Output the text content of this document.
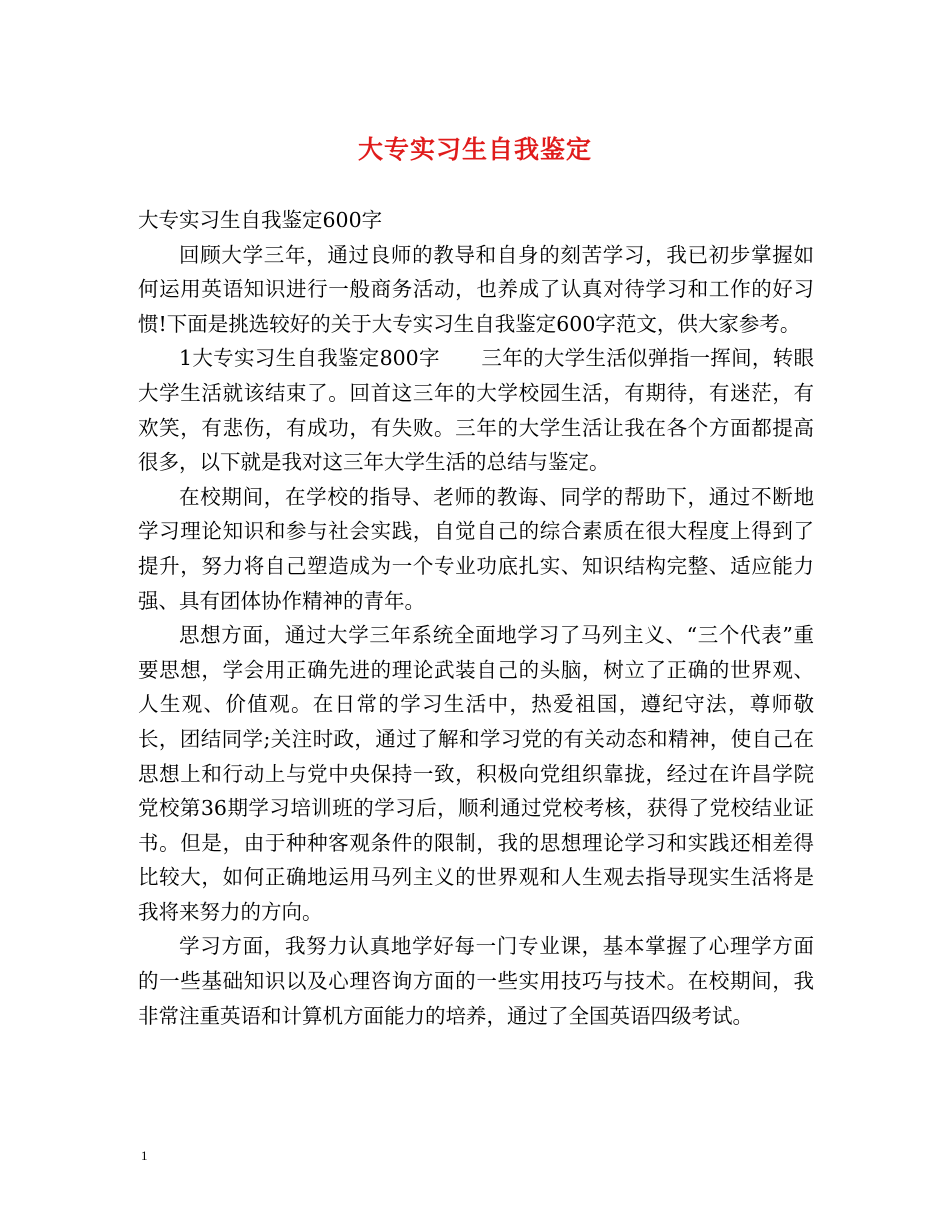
大专实习生自我鉴定

大专实习生自我鉴定600字

回顾大学三年，通过良师的教导和自身的刻苦学习，我已初步掌握如何运用英语知识进行一般商务活动，也养成了认真对待学习和工作的好习惯!下面是挑选较好的关于大专实习生自我鉴定600字范文，供大家参考。

1大专实习生自我鉴定800字　　三年的大学生活似弹指一挥间，转眼大学生活就该结束了。回首这三年的大学校园生活，有期待，有迷茫，有欢笑，有悲伤，有成功，有失败。三年的大学生活让我在各个方面都提高很多，以下就是我对这三年大学生活的总结与鉴定。

在校期间，在学校的指导、老师的教诲、同学的帮助下，通过不断地学习理论知识和参与社会实践，自觉自己的综合素质在很大程度上得到了提升，努力将自己塑造成为一个专业功底扎实、知识结构完整、适应能力强、具有团体协作精神的青年。

思想方面，通过大学三年系统全面地学习了马列主义、“三个代表”重要思想，学会用正确先进的理论武装自己的头脑，树立了正确的世界观、人生观、价值观。在日常的学习生活中，热爱祖国，遵纪守法，尊师敬长，团结同学;关注时政，通过了解和学习党的有关动态和精神，使自己在思想上和行动上与党中央保持一致，积极向党组织靠拢，经过在许昌学院党校第36期学习培训班的学习后，顺利通过党校考核，获得了党校结业证书。但是，由于种种客观条件的限制，我的思想理论学习和实践还相差得比较大，如何正确地运用马列主义的世界观和人生观去指导现实生活将是我将来努力的方向。

学习方面，我努力认真地学好每一门专业课，基本掌握了心理学方面的一些基础知识以及心理咨询方面的一些实用技巧与技术。在校期间，我非常注重英语和计算机方面能力的培养，通过了全国英语四级考试。

1
